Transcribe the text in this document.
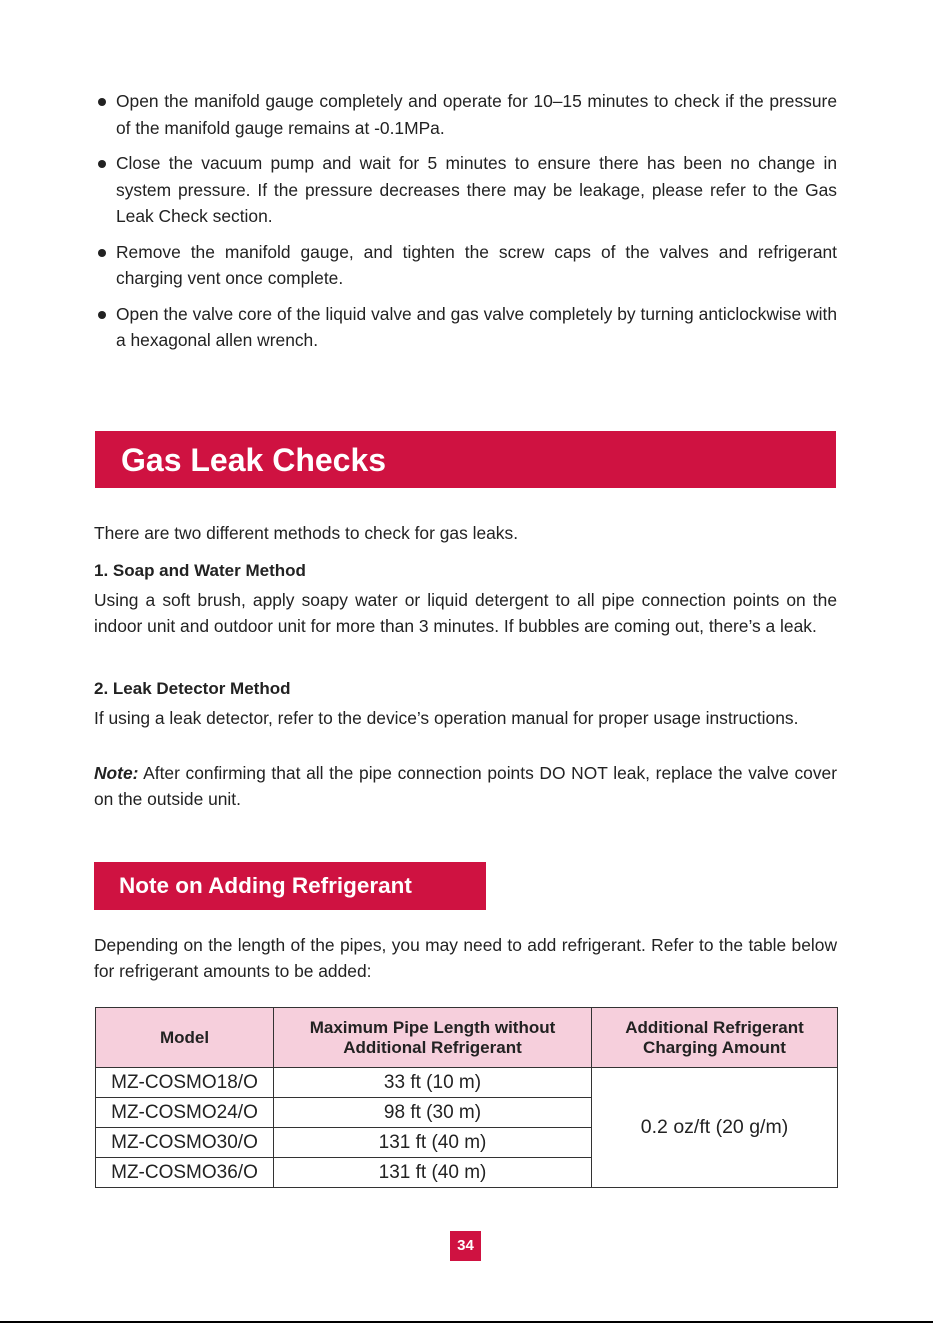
Open the manifold gauge completely and operate for 10–15 minutes to check if the pressure of the manifold gauge remains at -0.1MPa.
Close the vacuum pump and wait for 5 minutes to ensure there has been no change in system pressure. If the pressure decreases there may be leakage, please refer to the Gas Leak Check section.
Remove the manifold gauge, and tighten the screw caps of the valves and refrigerant charging vent once complete.
Open the valve core of the liquid valve and gas valve completely by turning anticlockwise with a hexagonal allen wrench.
Gas Leak Checks

There are two different methods to check for gas leaks.

1. Soap and Water Method

Using a soft brush, apply soapy water or liquid detergent to all pipe connection points on the indoor unit and outdoor unit for more than 3 minutes. If bubbles are coming out, there’s a leak.

2. Leak Detector Method

If using a leak detector, refer to the device’s operation manual for proper usage instructions.

Note: After confirming that all the pipe connection points DO NOT leak, replace the valve cover on the outside unit.

Note on Adding Refrigerant

Depending on the length of the pipes, you may need to add refrigerant. Refer to the table below for refrigerant amounts to be added:

Model	Maximum Pipe Length without Additional Refrigerant	Additional Refrigerant Charging Amount
MZ-COSMO18/O	33 ft (10 m)	0.2 oz/ft (20 g/m)
MZ-COSMO24/O	98 ft (30 m)	
MZ-COSMO30/O	131 ft (40 m)	
MZ-COSMO36/O	131 ft (40 m)	
34
